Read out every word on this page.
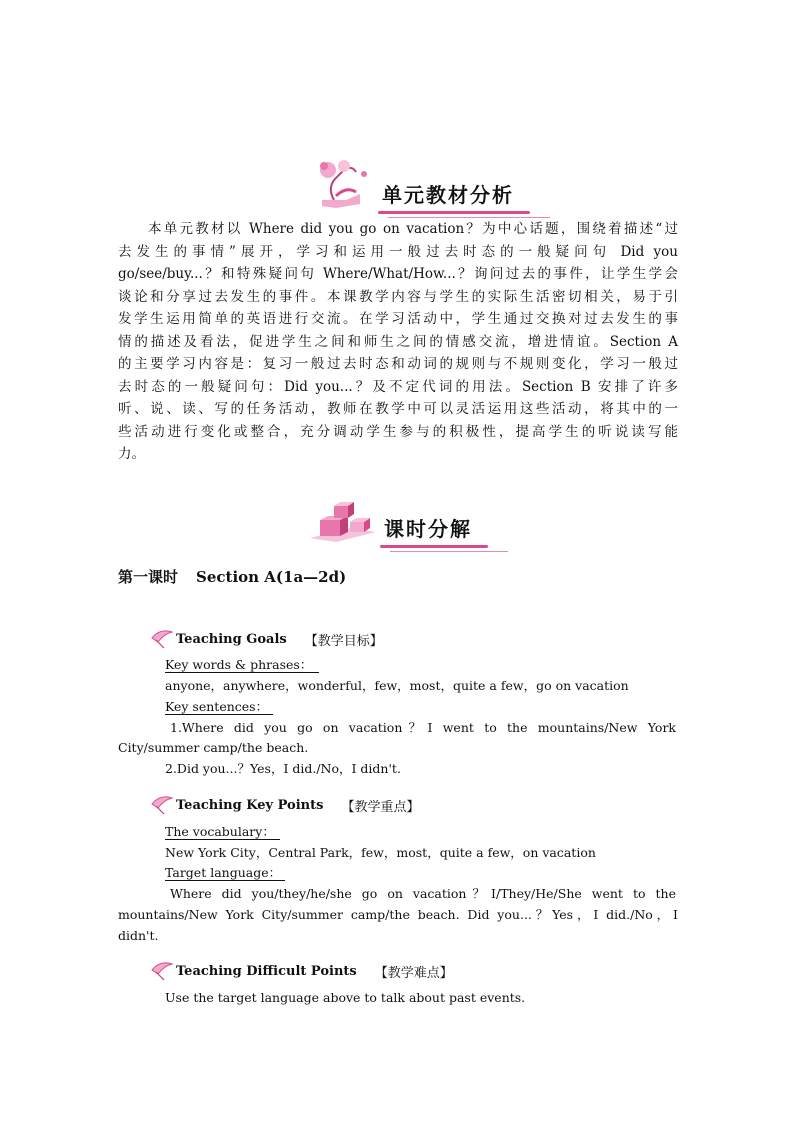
单元教材分析
本单元教材以 Where did you go on vacation？为中心话题，围绕着描述“过
去发生的事情”展开，学习和运用一般过去时态的一般疑问句 Did you
go/see/buy...？和特殊疑问句 Where/What/How...？询问过去的事件，让学生学会
谈论和分享过去发生的事件。本课教学内容与学生的实际生活密切相关，易于引
发学生运用简单的英语进行交流。在学习活动中，学生通过交换对过去发生的事
情的描述及看法，促进学生之间和师生之间的情感交流，增进情谊。Section A
的主要学习内容是：复习一般过去时态和动词的规则与不规则变化，学习一般过
去时态的一般疑问句：Did you...？及不定代词的用法。Section B 安排了许多
听、说、读、写的任务活动，教师在教学中可以灵活运用这些活动，将其中的一
些活动进行变化或整合，充分调动学生参与的积极性，提高学生的听说读写能
力。
课时分解
第一课时 Section A(1a—2d)
Teaching Goals 【教学目标】
Key words & phrases：
anyone，anywhere，wonderful，few，most，quite a few，go on vacation
Key sentences：
1.Where did you go on vacation？I went to the mountains/New York
City/summer camp/the beach.
2.Did you...？Yes，I did./No，I didn't.
Teaching Key Points 【教学重点】
The vocabulary：
New York City，Central Park，few，most，quite a few，on vacation
Target language：
Where did you/they/he/she go on vacation？I/They/He/She went to the
mountains/New York City/summer camp/the beach. Did you...？Yes，I did./No，I
didn't.
Teaching Difficult Points 【教学难点】
Use the target language above to talk about past events.
